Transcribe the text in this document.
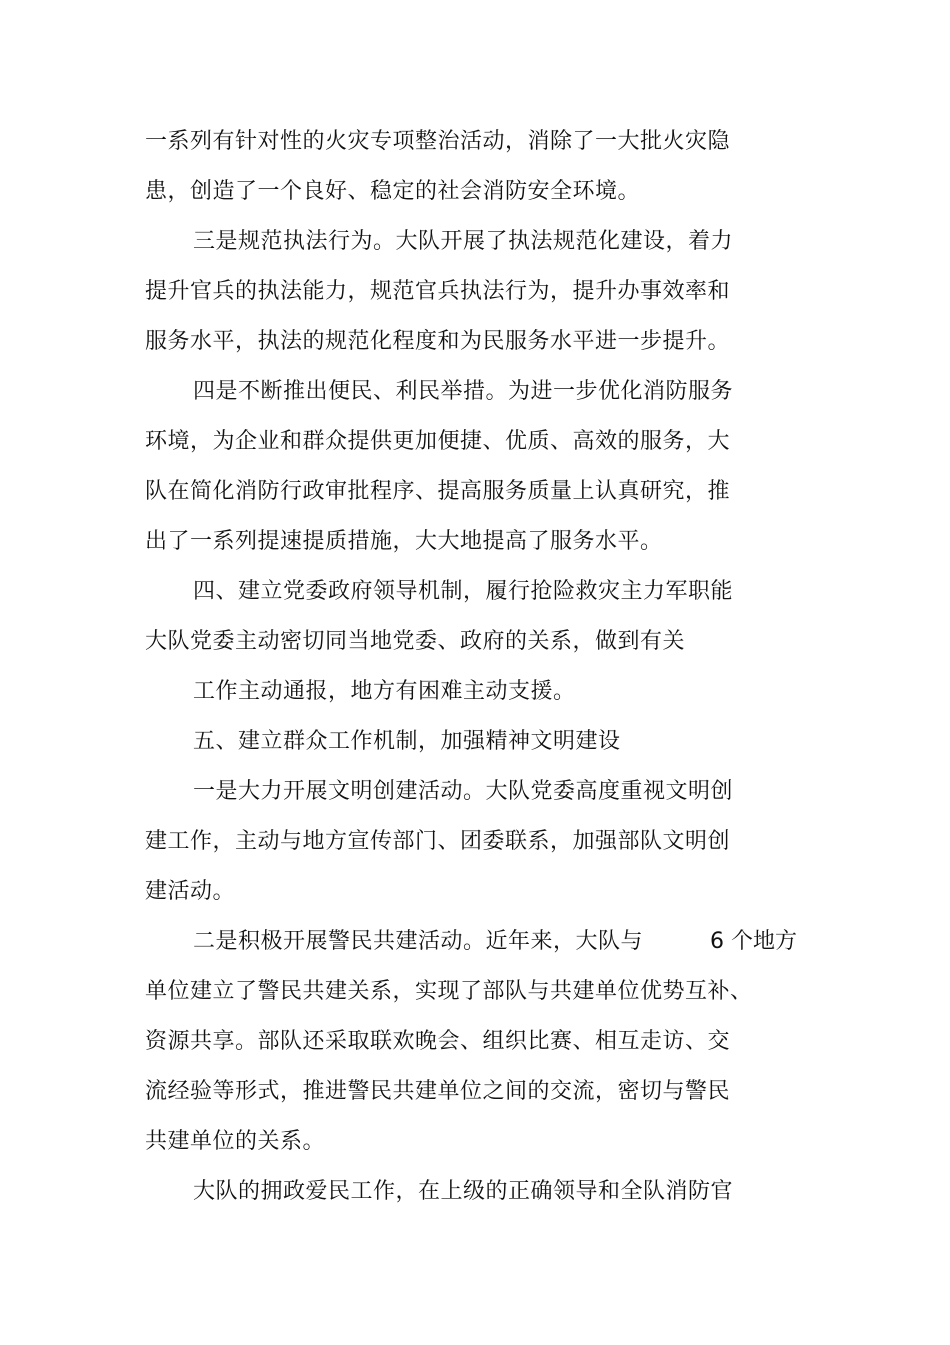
一系列有针对性的火灾专项整治活动，消除了一大批火灾隐
患，创造了一个良好、稳定的社会消防安全环境。
三是规范执法行为。大队开展了执法规范化建设，着力
提升官兵的执法能力，规范官兵执法行为，提升办事效率和
服务水平，执法的规范化程度和为民服务水平进一步提升。
四是不断推出便民、利民举措。为进一步优化消防服务
环境，为企业和群众提供更加便捷、优质、高效的服务，大
队在简化消防行政审批程序、提高服务质量上认真研究，推
出了一系列提速提质措施，大大地提高了服务水平。
四、建立党委政府领导机制，履行抢险救灾主力军职能
大队党委主动密切同当地党委、政府的关系，做到有关
工作主动通报，地方有困难主动支援。
五、建立群众工作机制，加强精神文明建设
一是大力开展文明创建活动。大队党委高度重视文明创
建工作，主动与地方宣传部门、团委联系，加强部队文明创
建活动。
二是积极开展警民共建活动。近年来，大队与	6 个地方
单位建立了警民共建关系，实现了部队与共建单位优势互补、
资源共享。部队还采取联欢晚会、组织比赛、相互走访、交
流经验等形式，推进警民共建单位之间的交流，密切与警民
共建单位的关系。
大队的拥政爱民工作，在上级的正确领导和全队消防官
